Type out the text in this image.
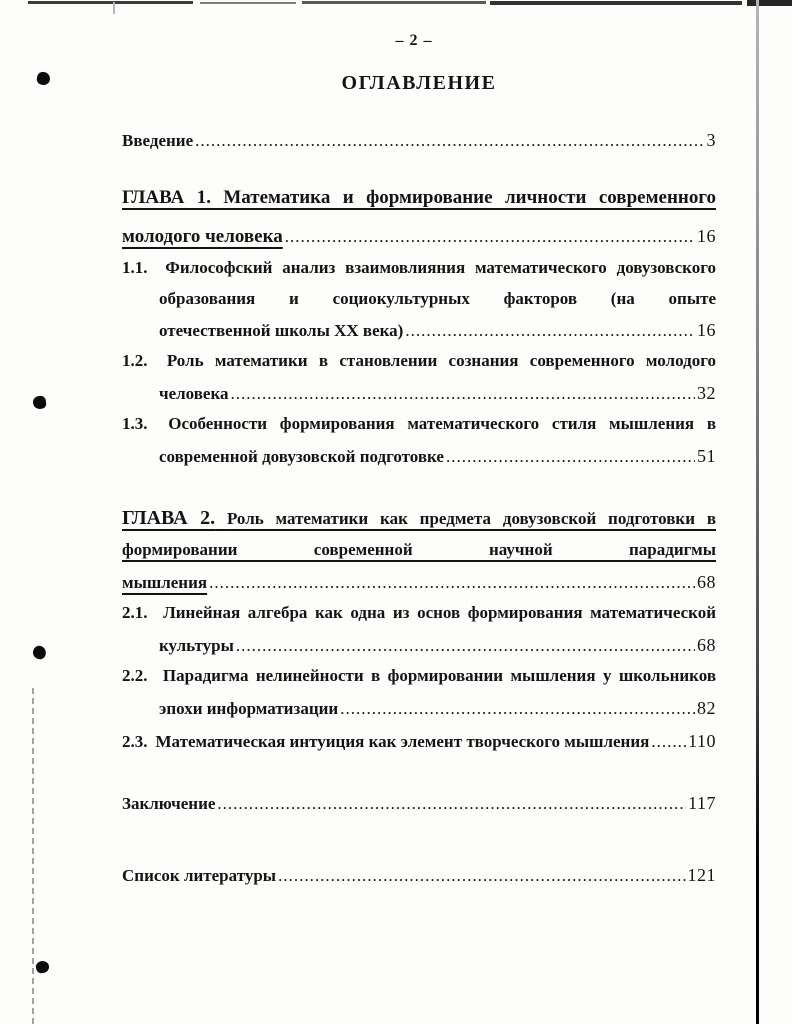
– 2 –
ОГЛАВЛЕНИЕ
Введение .....	3
ГЛАВА 1. Математика и формирование личности современного
молодого человека .....	16
1.1. Философский анализ взаимовлияния математического довузовского
образования и социокультурных факторов (на опыте
отечественной школы XX века) .....	16
1.2. Роль математики в становлении сознания современного молодого
человека .....	32
1.3. Особенности формирования математического стиля мышления в
современной довузовской подготовке .....	51
ГЛАВА 2. Роль математики как предмета довузовской подготовки в
формировании современной научной парадигмы
мышления .....	68
2.1. Линейная алгебра как одна из основ формирования математической
культуры .....	68
2.2. Парадигма нелинейности в формировании мышления у школьников
эпохи информатизации .....	82
2.3. Математическая интуиция как элемент творческого мышления ..... 110
Заключение .....	117
Список литературы .....	121
